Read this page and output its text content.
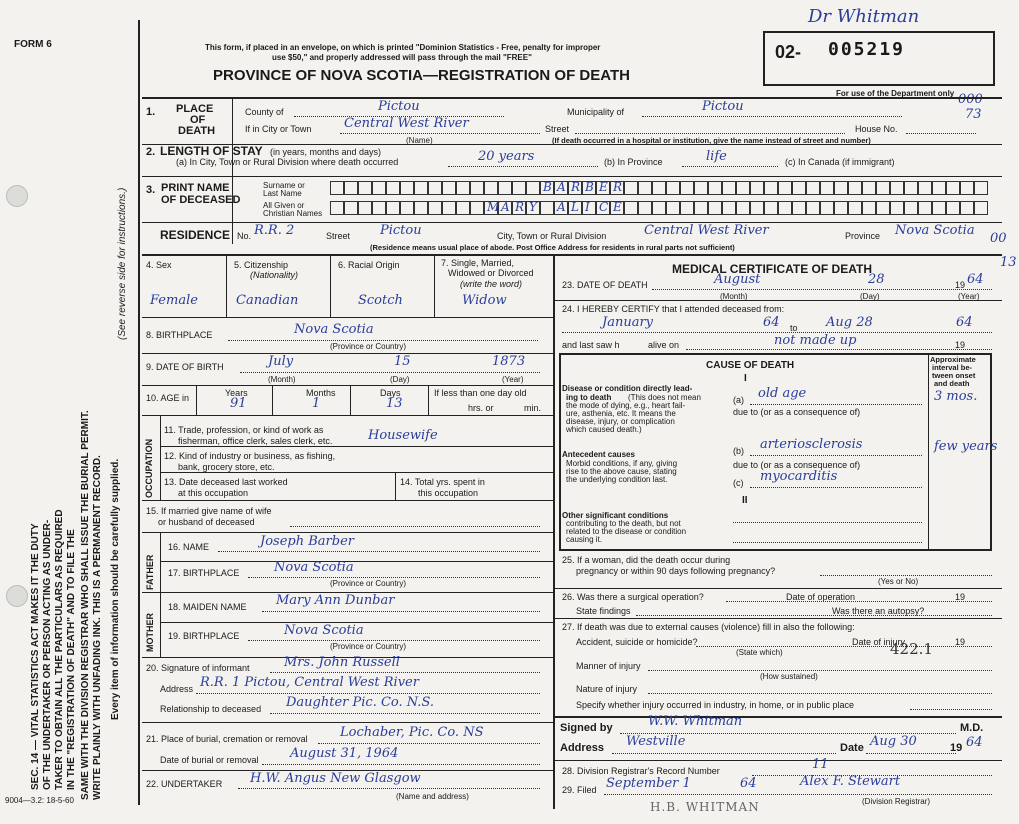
SEC. 14 — VITAL STATISTICS ACT MAKES IT THE DUTY OF THE UNDERTAKER OR PERSON ACTING AS UNDER- TAKER TO OBTAIN ALL THE PARTICULARS AS REQUIRED IN THE "REGISTRATION OF DEATH" AND TO FILE THE SAME WITH THE DIVISION REGISTRAR WHO SHALL ISSUE THE BURIAL PERMIT. WRITE PLAINLY WITH UNFADING INK. THIS IS A PERMANENT RECORD. Every item of information should be carefully supplied.
(See reverse side for instructions.)
FORM 6	This form, if placed in an envelope, on which is printed "Dominion Statistics - Free, penalty for improper
use $50," and properly addressed will pass through the mail "FREE"
PROVINCE OF NOVA SCOTIA—REGISTRATION OF DEATH
Dr Whitman
02- 005219
For use of the Department only 000
73
00
13
1. PLACE
OF
DEATH
County of	Pictou	Municipality of	Pictou
If in City or Town	Central West River
(Name)
Street	House No.
(If death occurred in a hospital or institution, give the name instead of street and number)
2. LENGTH OF STAY (in years, months and days)
(a) In City, Town or Rural Division where death occurred	20 years	(b) In Province	life	(c) In Canada (if immigrant)
3. PRINT NAME
OF DECEASED
Surname or
Last Name	B A R B E R
All Given or
Christian Names	M A R Y A L I C E
RESIDENCE No. R.R. 2	Street Pictou	City, Town or Rural Division	Central West River	Province Nova Scotia
(Residence means usual place of abode. Post Office Address for residents in rural parts not sufficient)
4. Sex
Female
5. Citizenship
(Nationality)
Canadian
6. Racial Origin
Scotch
7. Single, Married,
Widowed or Divorced
(write the word)
Widow
8. BIRTHPLACE	Nova Scotia
(Province or Country)
9. DATE OF BIRTH	July	15	1873
(Month)	(Day)	(Year)
10. AGE in	Years	Months	Days
91	1	13
If less than one day old
hrs. or	min.
OCCUPATION
11. Trade, profession, or kind of work as
fisherman, office clerk, sales clerk, etc.	Housewife
12. Kind of industry or business, as fishing,
bank, grocery store, etc.
13. Date deceased last worked
at this occupation
14. Total yrs. spent in
this occupation
15. If married give name of wife
or husband of deceased
FATHER
MOTHER
16. NAME	Joseph Barber
17. BIRTHPLACE	Nova Scotia
(Province or Country)
18. MAIDEN NAME Mary Ann Dunbar
19. BIRTHPLACE	Nova Scotia
(Province or Country)
20. Signature of informant	Mrs. John Russell
Address R.R. 1 Pictou, Central West River
Relationship to deceased Daughter Pic. Co. N.S.
21. Place of burial, cremation or removal Lochaber, Pic. Co. NS
Date of burial or removal August 31, 1964
22. UNDERTAKER H.W. Angus New Glasgow
(Name and address)
9004—3.2: 18-5-60
MEDICAL CERTIFICATE OF DEATH
23. DATE OF DEATH	August	28	19 64
(Month)	(Day)	(Year)
24. I HEREBY CERTIFY that I attended deceased from:
January	64 to Aug 28	64
and last saw h	alive on	not made up	19
CAUSE OF DEATH
Approximate
interval be-
tween onset
and death
I
Disease or condition directly lead-
ing to death (This does not mean
the mode of dying, e.g., heart fail-
ure, asthenia, etc. It means the
disease, injury, or complication
which caused death.)
(a) old age	3 mos.
due to (or as a consequence of)
(b) arteriosclerosis	few years
Antecedent causes
Morbid conditions, if any, giving
rise to the above cause, stating
the underlying condition last.
due to (or as a consequence of)
(c) myocarditis
II
Other significant conditions
contributing to the death, but not
related to the disease or condition
causing it.
25. If a woman, did the death occur during
pregnancy or within 90 days following pregnancy?
(Yes or No)
26. Was there a surgical operation?	Date of operation	19
State findings	Was there an autopsy?
27. If death was due to external causes (violence) fill in also the following:
Accident, suicide or homicide?	Date of injury	19
(State which)
Manner of injury
422.1
(How sustained)
Nature of injury
Specify whether injury occurred in industry, in home, or in public place
Signed by	W.W. Whitman	M.D.
Address Westville	Date Aug 30	19 64
28. Division Registrar's Record Number	11
29. Filed September 1	64	Alex F. Stewart
(Division Registrar)
H.B. WHITMAN
